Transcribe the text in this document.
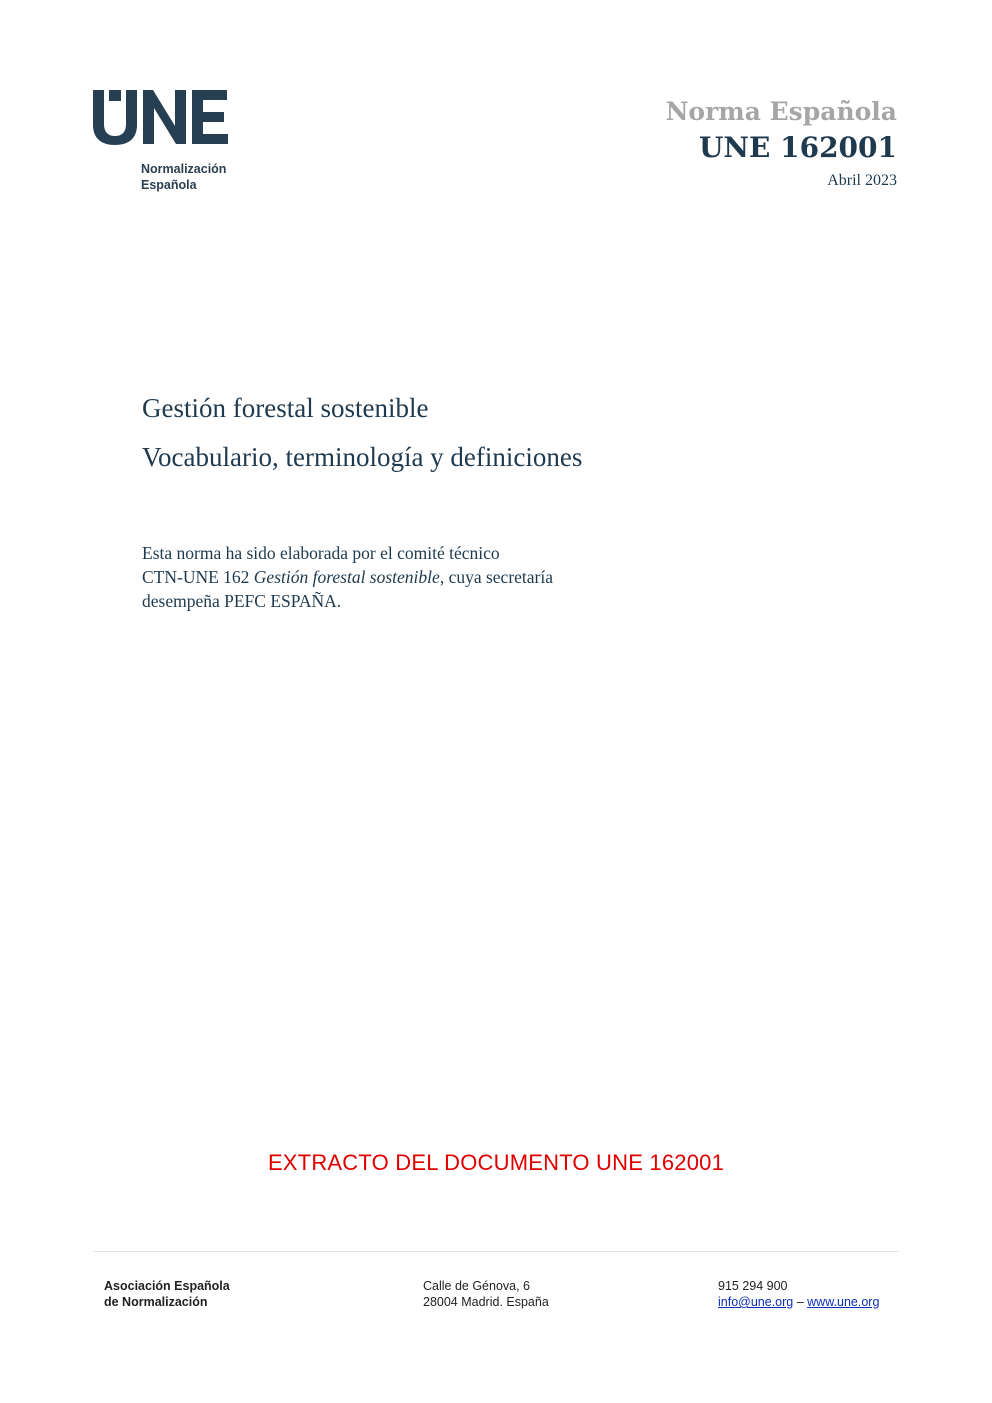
Normalización
Española
Norma Española
UNE 162001
Abril 2023
Gestión forestal sostenible
Vocabulario, terminología y definiciones
Esta norma ha sido elaborada por el comité técnico
CTN-UNE 162 Gestión forestal sostenible, cuya secretaría
desempeña PEFC ESPAÑA.
EXTRACTO DEL DOCUMENTO UNE 162001
Asociación Española
de Normalización
Calle de Génova, 6
28004 Madrid. España
915 294 900
info@une.org – www.une.org
